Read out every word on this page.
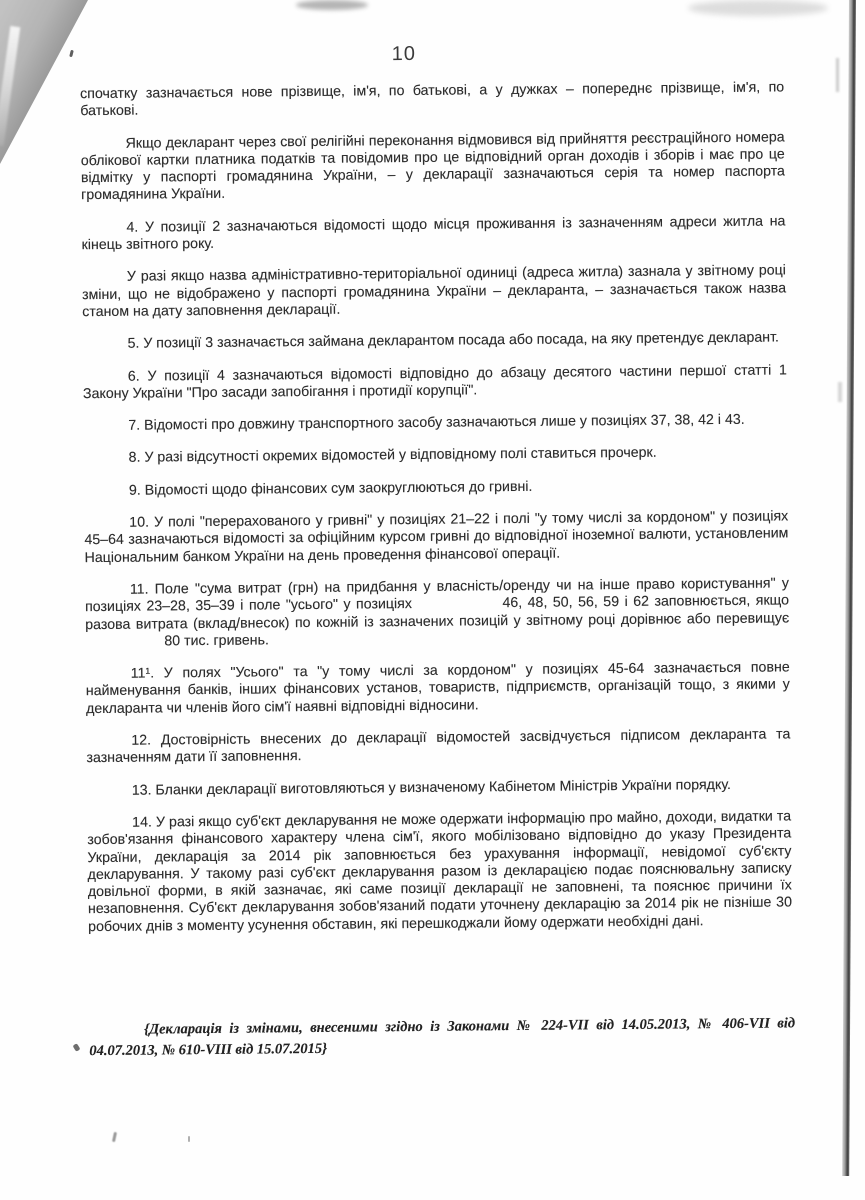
10

спочатку зазначається нове прізвище, ім'я, по батькові, а у дужках – попереднє прізвище, ім'я, по батькові.

Якщо декларант через свої релігійні переконання відмовився від прийняття реєстраційного номера облікової картки платника податків та повідомив про це відповідний орган доходів і зборів і має про це відмітку у паспорті громадянина України, – у декларації зазначаються серія та номер паспорта громадянина України.

4. У позиції 2 зазначаються відомості щодо місця проживання із зазначенням адреси житла на кінець звітного року.

У разі якщо назва адміністративно-територіальної одиниці (адреса житла) зазнала у звітному році зміни, що не відображено у паспорті громадянина України – декларанта, – зазначається також назва станом на дату заповнення декларації.

5. У позиції 3 зазначається займана декларантом посада або посада, на яку претендує декларант.

6. У позиції 4 зазначаються відомості відповідно до абзацу десятого частини першої статті 1 Закону України "Про засади запобігання і протидії корупції".

7. Відомості про довжину транспортного засобу зазначаються лише у позиціях 37, 38, 42 і 43.

8. У разі відсутності окремих відомостей у відповідному полі ставиться прочерк.

9. Відомості щодо фінансових сум заокруглюються до гривні.

10. У полі "перерахованого у гривні" у позиціях 21–22 і полі "у тому числі за кордоном" у позиціях 45–64 зазначаються відомості за офіційним курсом гривні до відповідної іноземної валюти, установленим Національним банком України на день проведення фінансової операції.

11. Поле "сума витрат (грн) на придбання у власність/оренду чи на інше право користування" у позиціях 23–28, 35–39 і поле "усього" у позиціях	46, 48, 50, 56, 59 і 62 заповнюється, якщо разова витрата (вклад/внесок) по кожній із зазначених позицій у звітному році дорівнює або перевищує 80 тис. гривень.

11¹. У полях "Усього" та "у тому числі за кордоном" у позиціях 45-64 зазначається повне найменування банків, інших фінансових установ, товариств, підприємств, організацій тощо, з якими у декларанта чи членів його сім'ї наявні відповідні відносини.

12. Достовірність внесених до декларації відомостей засвідчується підписом декларанта та зазначенням дати її заповнення.

13. Бланки декларації виготовляються у визначеному Кабінетом Міністрів України порядку.

14. У разі якщо суб'єкт декларування не може одержати інформацію про майно, доходи, видатки та зобов'язання фінансового характеру члена сім'ї, якого мобілізовано відповідно до указу Президента України, декларація за 2014 рік заповнюється без урахування інформації, невідомої суб'єкту декларування. У такому разі суб'єкт декларування разом із декларацією подає пояснювальну записку довільної форми, в якій зазначає, які саме позиції декларації не заповнені, та пояснює причини їх незаповнення. Суб'єкт декларування зобов'язаний подати уточнену декларацію за 2014 рік не пізніше 30 робочих днів з моменту усунення обставин, які перешкоджали йому одержати необхідні дані.

{Декларація із змінами, внесеними згідно із Законами № 224-VII від 14.05.2013, № 406-VII від 04.07.2013, № 610-VIII від 15.07.2015}
